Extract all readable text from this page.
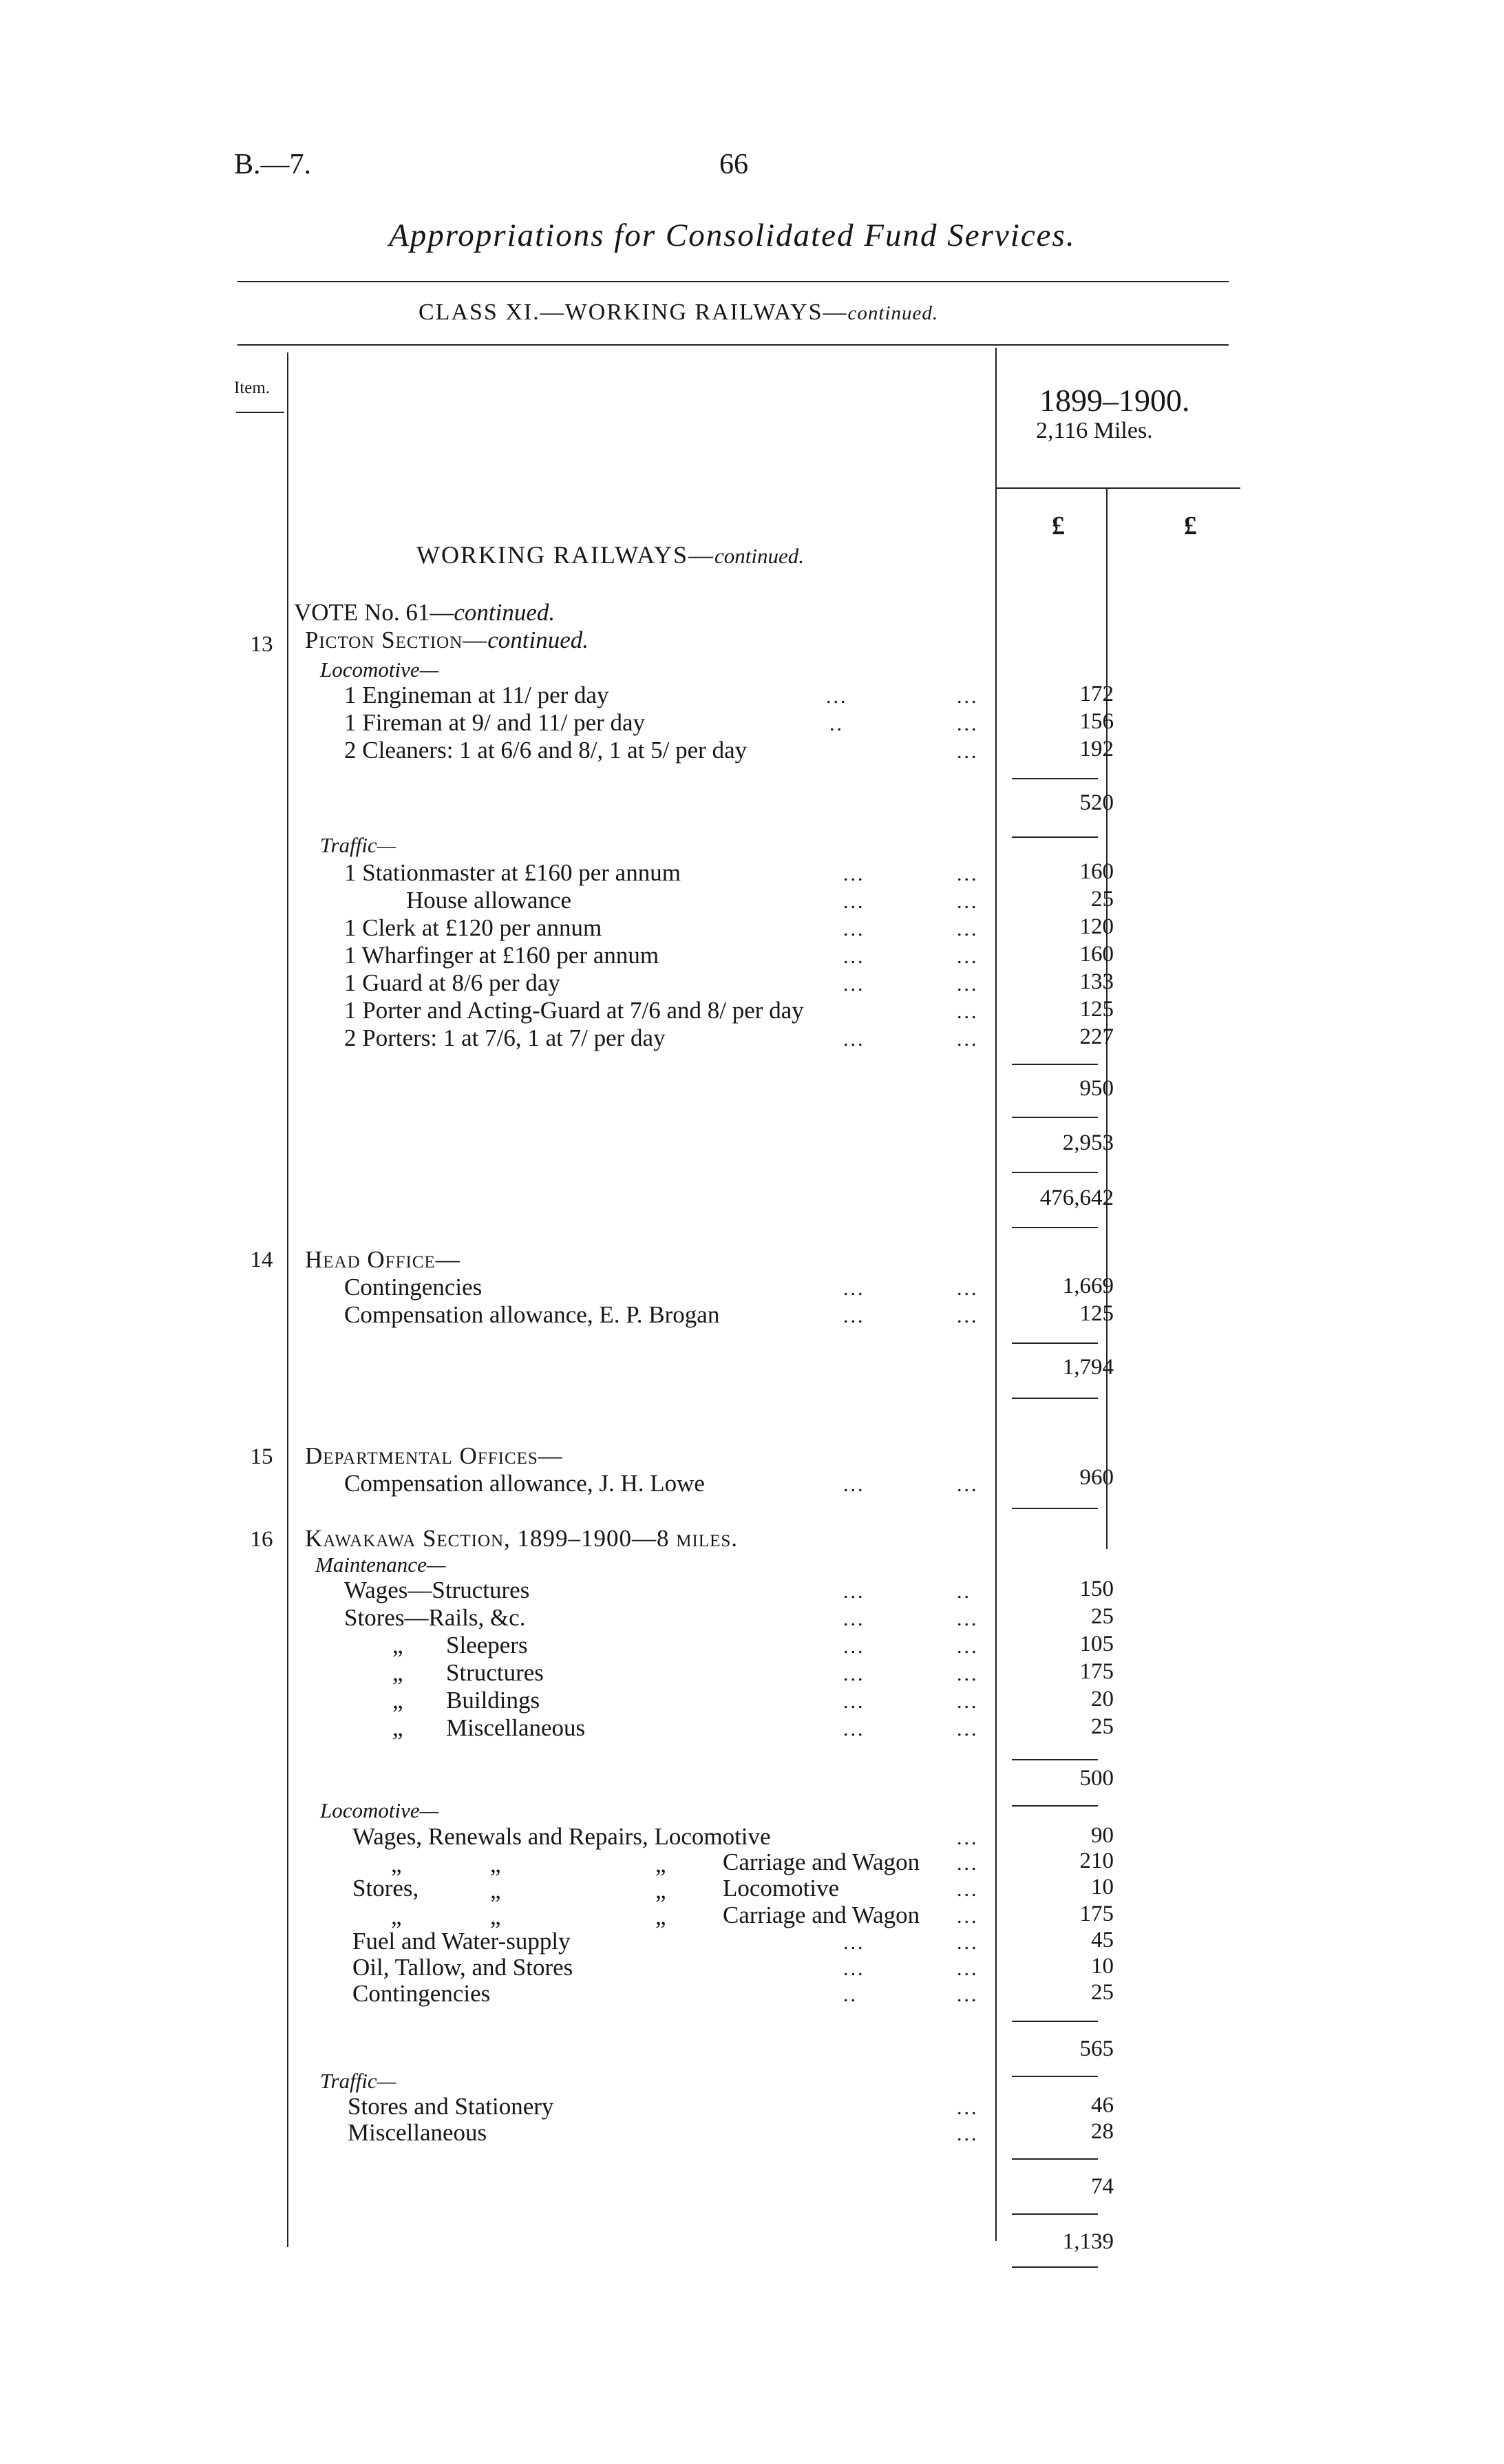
B.—7.	66
Appropriations for Consolidated Fund Services.
CLASS XI.—WORKING RAILWAYS—continued.
Item.	1899–1900.
2,116 Miles.
£	£
WORKING RAILWAYS—continued.
VOTE No. 61—continued.
13	Picton Section—continued.
Locomotive—
1 Engineman at 11/ per day	...	...	172
1 Fireman at 9/ and 11/ per day	..	...	156
2 Cleaners: 1 at 6/6 and 8/, 1 at 5/ per day	...	192
520
Traffic—
1 Stationmaster at £160 per annum	...	...	160
House allowance	...	...	25
1 Clerk at £120 per annum	...	...	120
1 Wharfinger at £160 per annum	...	...	160
1 Guard at 8/6 per day	...	...	133
1 Porter and Acting-Guard at 7/6 and 8/ per day	...	125
2 Porters: 1 at 7/6, 1 at 7/ per day	...	...	227
950
2,953
476,642
14	Head Office—
Contingencies	...	...	1,669
Compensation allowance, E. P. Brogan	...	...	125
1,794
15	Departmental Offices—
Compensation allowance, J. H. Lowe	...	...	960
16	Kawakawa Section, 1899–1900—8 miles.
Maintenance—
Wages—Structures	...	..	150
Stores—Rails, &c.	...	...	25
„ Sleepers	...	...	105
„ Structures	...	...	175
„ Buildings	...	...	20
„ Miscellaneous	...	...	25
500
Locomotive—
Wages, Renewals and Repairs, Locomotive	...	90
„	„	„ Carriage and Wagon ...	210
Stores,	„	„ Locomotive	...	10
„	„	„ Carriage and Wagon ...	175
Fuel and Water-supply	...	...	45
Oil, Tallow, and Stores	...	...	10
Contingencies	..	...	25
565
Traffic—
Stores and Stationery	...	46
Miscellaneous	...	28
74
1,139
